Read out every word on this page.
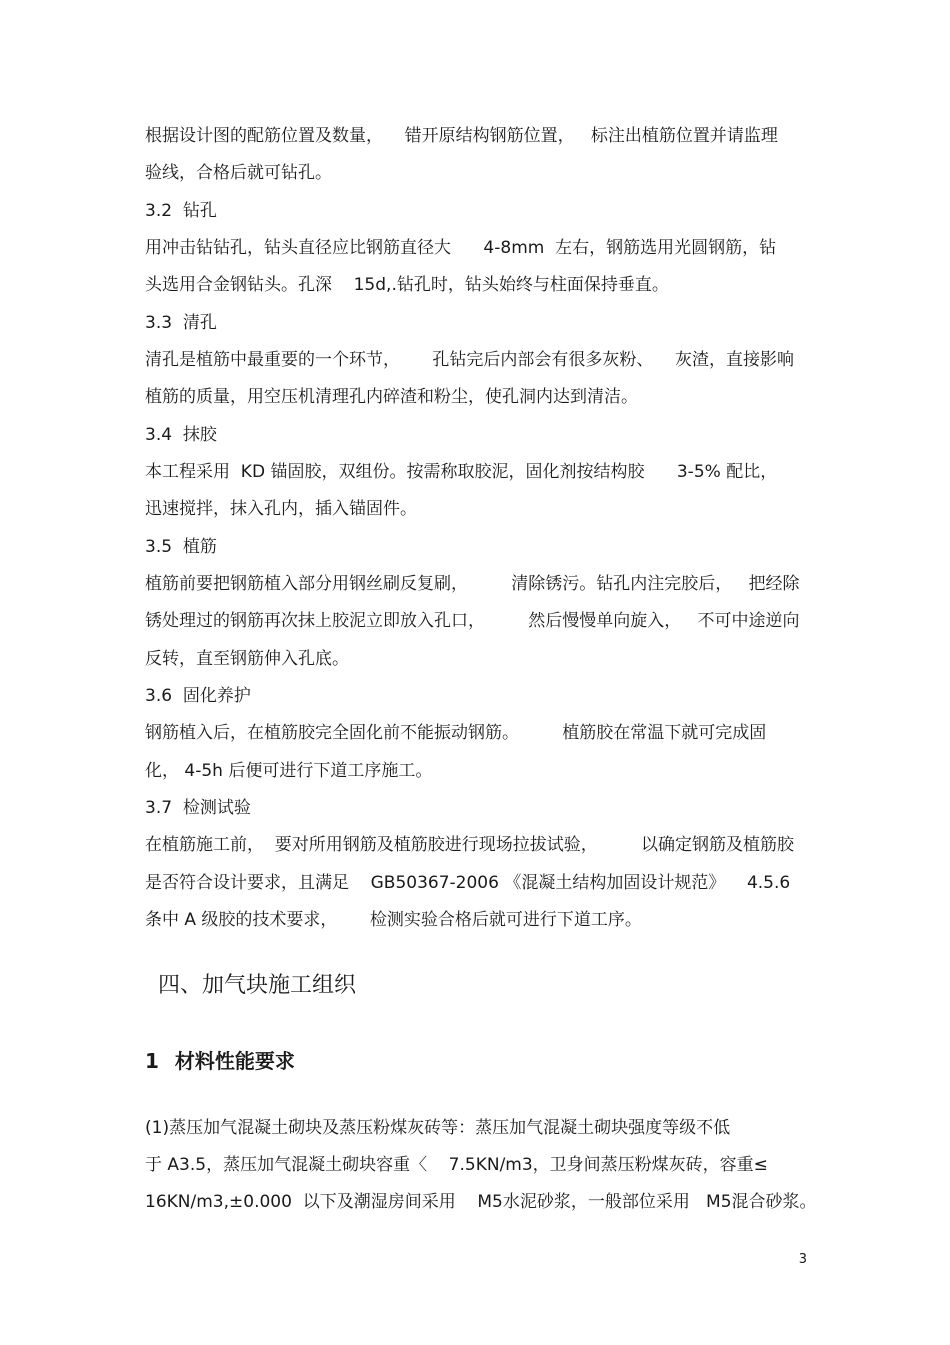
根据设计图的配筋位置及数量，    错开原结构钢筋位置，   标注出植筋位置并请监理

验线，合格后就可钻孔。

3.2  钻孔

用冲击钻钻孔，钻头直径应比钢筋直径大      4-8mm  左右，钢筋选用光圆钢筋，钻

头选用合金钢钻头。孔深    15d,.钻孔时，钻头始终与柱面保持垂直。

3.3  清孔

清孔是植筋中最重要的一个环节，      孔钻完后内部会有很多灰粉、    灰渣，直接影响

植筋的质量，用空压机清理孔内碎渣和粉尘，使孔洞内达到清洁。

3.4  抹胶

本工程采用  KD 锚固胶，双组份。按需称取胶泥，固化剂按结构胶      3-5% 配比，

迅速搅拌，抹入孔内，插入锚固件。

3.5  植筋

植筋前要把钢筋植入部分用钢丝刷反复刷，        清除锈污。钻孔内注完胶后，   把经除

锈处理过的钢筋再次抹上胶泥立即放入孔口，        然后慢慢单向旋入，   不可中途逆向

反转，直至钢筋伸入孔底。

3.6  固化养护

钢筋植入后，在植筋胶完全固化前不能振动钢筋。        植筋胶在常温下就可完成固

化， 4-5h 后便可进行下道工序施工。

3.7  检测试验

在植筋施工前，  要对所用钢筋及植筋胶进行现场拉拔试验，        以确定钢筋及植筋胶

是否符合设计要求，且满足    GB50367-2006 《混凝土结构加固设计规范》    4.5.6

条中 A 级胶的技术要求，      检测实验合格后就可进行下道工序。

四、加气块施工组织
1 材料性能要求

(1)蒸压加气混凝土砌块及蒸压粉煤灰砖等：蒸压加气混凝土砌块强度等级不低

于 A3.5，蒸压加气混凝土砌块容重〈    7.5KN/m3，卫身间蒸压粉煤灰砖，容重≤

16KN/m3,±0.000  以下及潮湿房间采用    M5水泥砂浆，一般部位采用   M5混合砂浆。

3
